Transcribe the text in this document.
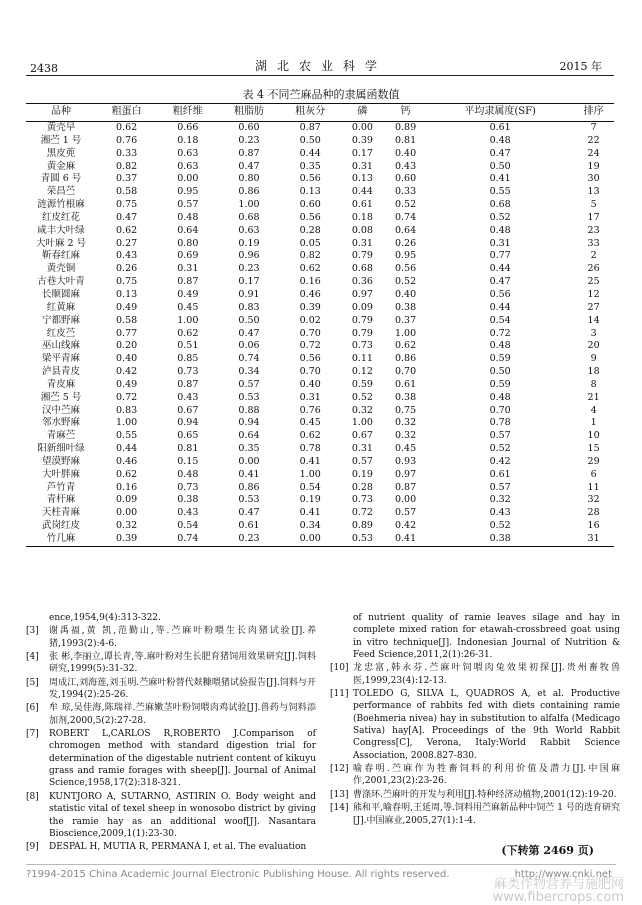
2438	湖北农业科学	2015 年
表 4 不同苎麻品种的隶属函数值
品种	粗蛋白	粗纤维	粗脂肪	粗灰分	磷	钙	平均隶属度(SF)	排序
黄壳早	0.62	0.66	0.60	0.87	0.00	0.89	0.61	7
湘苎 1 号	0.76	0.18	0.23	0.50	0.39	0.81	0.48	22
黑皮蔸	0.33	0.63	0.87	0.44	0.17	0.40	0.47	24
黄金麻	0.82	0.63	0.47	0.35	0.31	0.43	0.50	19
青圆 6 号	0.37	0.00	0.80	0.56	0.13	0.60	0.41	30
荣昌苎	0.58	0.95	0.86	0.13	0.44	0.33	0.55	13
涟源竹根麻	0.75	0.57	1.00	0.60	0.61	0.52	0.68	5
红皮红花	0.47	0.48	0.68	0.56	0.18	0.74	0.52	17
咸丰大叶绿	0.62	0.64	0.63	0.28	0.08	0.64	0.48	23
大叶麻 2 号	0.27	0.80	0.19	0.05	0.31	0.26	0.31	33
靳春红麻	0.43	0.69	0.96	0.82	0.79	0.95	0.77	2
黄壳铜	0.26	0.31	0.23	0.62	0.68	0.56	0.44	26
古巷大叶青	0.75	0.87	0.17	0.16	0.36	0.52	0.47	25
长顺圆麻	0.13	0.49	0.91	0.46	0.97	0.40	0.56	12
红黄麻	0.49	0.45	0.83	0.39	0.09	0.38	0.44	27
宁都野麻	0.58	1.00	0.50	0.02	0.79	0.37	0.54	14
红皮苎	0.77	0.62	0.47	0.70	0.79	1.00	0.72	3
巫山线麻	0.20	0.51	0.06	0.72	0.73	0.62	0.48	20
梁平青麻	0.40	0.85	0.74	0.56	0.11	0.86	0.59	9
泸县青皮	0.42	0.73	0.34	0.70	0.12	0.70	0.50	18
青皮麻	0.49	0.87	0.57	0.40	0.59	0.61	0.59	8
湘苎 5 号	0.72	0.43	0.53	0.31	0.52	0.38	0.48	21
汉中苎麻	0.83	0.67	0.88	0.76	0.32	0.75	0.70	4
邻水野麻	1.00	0.94	0.94	0.45	1.00	0.32	0.78	1
青麻苎	0.55	0.65	0.64	0.62	0.67	0.32	0.57	10
阳新细叶绿	0.44	0.81	0.35	0.78	0.31	0.45	0.52	15
望漠野麻	0.46	0.15	0.00	0.41	0.57	0.93	0.42	29
大叶胖麻	0.62	0.48	0.41	1.00	0.19	0.97	0.61	6
芦竹青	0.16	0.73	0.86	0.54	0.28	0.87	0.57	11
青杆麻	0.09	0.38	0.53	0.19	0.73	0.00	0.32	32
天柱青麻	0.00	0.43	0.47	0.41	0.72	0.57	0.43	28
武岗红皮	0.32	0.54	0.61	0.34	0.89	0.42	0.52	16
竹几麻	0.39	0.74	0.23	0.00	0.53	0.41	0.38	31
ence,1954,9(4):313-322.
[3] 谢禹福,黄 凯,范勤山,等.苎麻叶粉喂生长肉猪试验[J].养猪,1993(2):4-6.
[4] 张 彬,李丽立,谭长青,等.麻叶粉对生长肥育猪饲用效果研究[J].饲料研究,1999(5):31-32.
[5] 周成江,刘海莲,刘玉明.苎麻叶粉替代麸糠喂猪试验报告[J].饲料与开发,1994(2):25-26.
[6] 牟 琼,吴佳海,陈瑞祥.苎麻嫩茎叶粉饲喂肉鸡试验[J].兽药与饲料添加剂,2000,5(2):27-28.
[7] ROBERT L,CARLOS R,ROBERTO J.Comparison of chromogen method with standard digestion trial for determination of the digestable nutrient content of kikuyu grass and ramie forages with sheep[J]. Journal of Animal Science,1958,17(2):318-321.
[8] KUNTJORO A, SUTARNO, ASTIRIN O. Body weight and statistic vital of texel sheep in wonosobo district by giving the ramie hay as an additional woof[J]. Nasantara Bioscience,2009,1(1):23-30.
[9] DESPAL H, MUTIA R, PERMANA I, et al. The evaluation
of nutrient quality of ramie leaves silage and hay in complete mixed ration for etawah-crossbreed goat using in vitro technique[J]. Indonesian Journal of Nutrition & Feed Science,2011,2(1):26-31.
[10] 龙忠富,韩永芬.苎麻叶饲喂肉兔效果初探[J].贵州畜牧兽医,1999,23(4):12-13.
[11] TOLEDO G, SILVA L, QUADROS A, et al. Productive performance of rabbits fed with diets containing ramie (Boehmeria nivea) hay in substitution to alfalfa (Medicago Sativa) hay[A]. Proceedings of the 9th World Rabbit Congress[C], Verona, Italy:World Rabbit Science Association, 2008.827-830.
[12] 喻春明.苎麻作为牲畜饲料的利用价值及潜力[J].中国麻作,2001,23(2):23-26.
[13] 曹涤环.苎麻叶的开发与利用[J].特种经济动植物,2001(12):19-20.
[14] 熊和平,喻春明,王延周,等.饲料用苎麻新品种中饲苎 1 号的选育研究[J].中国麻业,2005,27(1):1-4.
(下转第 2469 页)
?1994-2015 China Academic Journal Electronic Publishing House. All rights reserved.	http://www.cnki.net
麻类作物营养与施肥网
www.fibercrops.com
